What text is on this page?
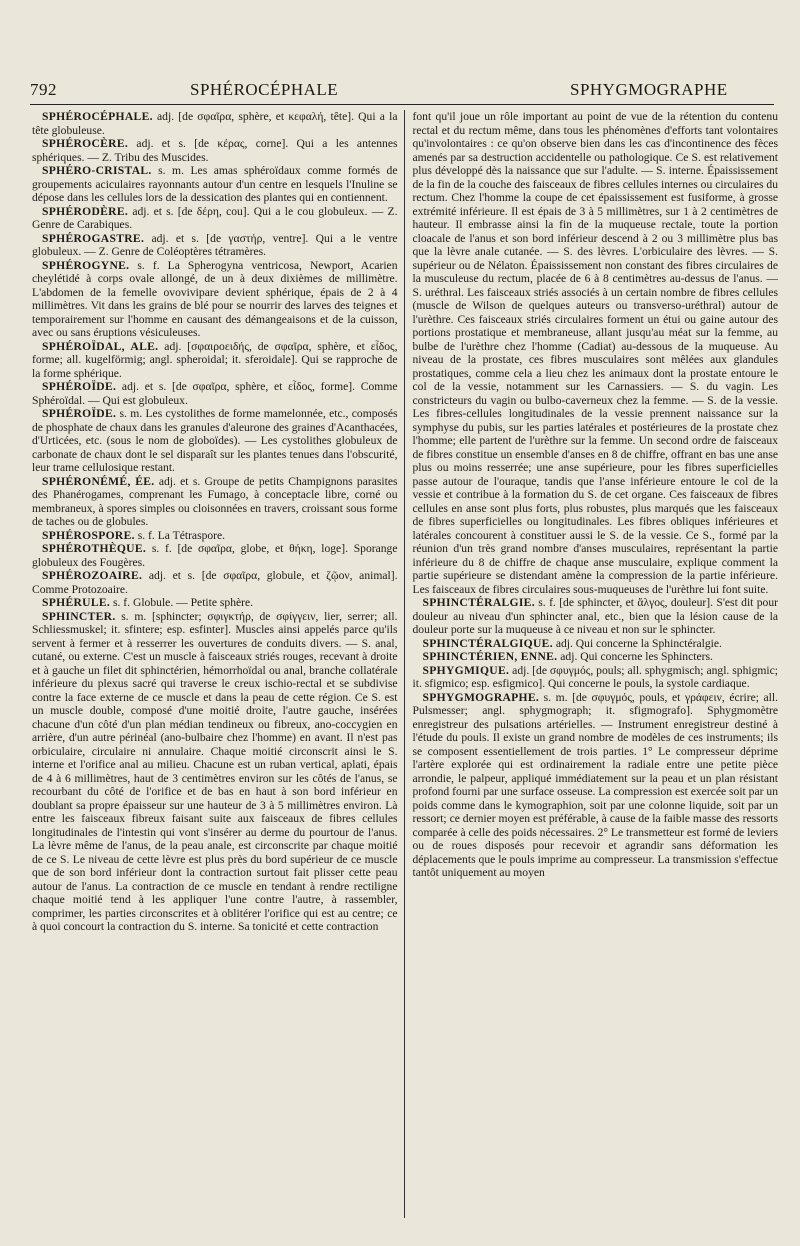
792	SPHÉROCÉPHALE	SPHYGMOGRAPHE

SPHÉROCÉPHALE. adj. [de σφαῖρα, sphère, et κεφαλή, tête]. Qui a la tête globuleuse.

SPHÉROCÈRE. adj. et s. [de κέρας, corne]. Qui a les antennes sphériques. — Z. Tribu des Muscides.

SPHÉRO-CRISTAL. s. m. Les amas sphéroïdaux comme formés de groupements aciculaires rayonnants autour d'un centre en lesquels l'Inuline se dépose dans les cellules lors de la dessication des plantes qui en contiennent.

SPHÉRODÈRE. adj. et s. [de δέρη, cou]. Qui a le cou globuleux. — Z. Genre de Carabiques.

SPHÉROGASTRE. adj. et s. [de γαστήρ, ventre]. Qui a le ventre globuleux. — Z. Genre de Coléoptères tétramères.

SPHÉROGYNE. s. f. La Spherogyna ventricosa, Newport, Acarien cheylétidé à corps ovale allongé, de un à deux dixièmes de millimètre. L'abdomen de la femelle ovovivipare devient sphérique, épais de 2 à 4 millimètres. Vit dans les grains de blé pour se nourrir des larves des teignes et temporairement sur l'homme en causant des démangeaisons et de la cuisson, avec ou sans éruptions vésiculeuses.

SPHÉROÏDAL, ALE. adj. [σφαιροειδής, de σφαῖρα, sphère, et εἶδος, forme; all. kugelförmig; angl. spheroidal; it. sferoidale]. Qui se rapproche de la forme sphérique.

SPHÉROÏDE. adj. et s. [de σφαῖρα, sphère, et εἶδος, forme]. Comme Sphéroïdal. — Qui est globuleux.

SPHÉROÏDE. s. m. Les cystolithes de forme mamelonnée, etc., composés de phosphate de chaux dans les granules d'aleurone des graines d'Acanthacées, d'Urticées, etc. (sous le nom de globoïdes). — Les cystolithes globuleux de carbonate de chaux dont le sel disparaît sur les plantes tenues dans l'obscurité, leur trame cellulosique restant.

SPHÉRONÉMÉ, ÉE. adj. et s. Groupe de petits Champignons parasites des Phanérogames, comprenant les Fumago, à conceptacle libre, corné ou membraneux, à spores simples ou cloisonnées en travers, croissant sous forme de taches ou de globules.

SPHÉROSPORE. s. f. La Tétraspore.

SPHÉROTHÈQUE. s. f. [de σφαῖρα, globe, et θήκη, loge]. Sporange globuleux des Fougères.

SPHÉROZOAIRE. adj. et s. [de σφαῖρα, globule, et ζῷον, animal]. Comme Protozoaire.

SPHÉRULE. s. f. Globule. — Petite sphère.

SPHINCTER. s. m. [sphincter; σφιγκτήρ, de σφίγγειν, lier, serrer; all. Schliessmuskel; it. sfintere; esp. esfinter]. Muscles ainsi appelés parce qu'ils servent à fermer et à resserrer les ouvertures de conduits divers. — S. anal, cutané, ou externe. C'est un muscle à faisceaux striés rouges, recevant à droite et à gauche un filet dit sphinctérien, hémorrhoïdal ou anal, branche collatérale inférieure du plexus sacré qui traverse le creux ischio-rectal et se subdivise contre la face externe de ce muscle et dans la peau de cette région. Ce S. est un muscle double, composé d'une moitié droite, l'autre gauche, insérées chacune d'un côté d'un plan médian tendineux ou fibreux, ano-coccygien en arrière, d'un autre périnéal (ano-bulbaire chez l'homme) en avant. Il n'est pas orbiculaire, circulaire ni annulaire. Chaque moitié circonscrit ainsi le S. interne et l'orifice anal au milieu. Chacune est un ruban vertical, aplati, épais de 4 à 6 millimètres, haut de 3 centimètres environ sur les côtés de l'anus, se recourbant du côté de l'orifice et de bas en haut à son bord inférieur en doublant sa propre épaisseur sur une hauteur de 3 à 5 millimètres environ. Là entre les faisceaux fibreux faisant suite aux faisceaux de fibres cellules longitudinales de l'intestin qui vont s'insérer au derme du pourtour de l'anus. La lèvre même de l'anus, de la peau anale, est circonscrite par chaque moitié de ce S. Le niveau de cette lèvre est plus près du bord supérieur de ce muscle que de son bord inférieur dont la contraction surtout fait plisser cette peau autour de l'anus. La contraction de ce muscle en tendant à rendre rectiligne chaque moitié tend à les appliquer l'une contre l'autre, à rassembler, comprimer, les parties circonscrites et à oblitérer l'orifice qui est au centre; ce à quoi concourt la contraction du S. interne. Sa tonicité et cette contraction

font qu'il joue un rôle important au point de vue de la rétention du contenu rectal et du rectum même, dans tous les phénomènes d'efforts tant volontaires qu'involontaires : ce qu'on observe bien dans les cas d'incontinence des fèces amenés par sa destruction accidentelle ou pathologique. Ce S. est relativement plus développé dès la naissance que sur l'adulte. — S. interne. Épaississement de la fin de la couche des faisceaux de fibres cellules internes ou circulaires du rectum. Chez l'homme la coupe de cet épaississement est fusiforme, à grosse extrémité inférieure. Il est épais de 3 à 5 millimètres, sur 1 à 2 centimètres de hauteur. Il embrasse ainsi la fin de la muqueuse rectale, toute la portion cloacale de l'anus et son bord inférieur descend à 2 ou 3 millimètre plus bas que la lèvre anale cutanée. — S. des lèvres. L'orbiculaire des lèvres. — S. supérieur ou de Nélaton. Épaississement non constant des fibres circulaires de la musculeuse du rectum, placée de 6 à 8 centimètres au-dessus de l'anus. — S. uréthral. Les faisceaux striés associés à un certain nombre de fibres cellules (muscle de Wilson de quelques auteurs ou transverso-uréthral) autour de l'urèthre. Ces faisceaux striés circulaires forment un étui ou gaine autour des portions prostatique et membraneuse, allant jusqu'au méat sur la femme, au bulbe de l'urèthre chez l'homme (Cadiat) au-dessous de la muqueuse. Au niveau de la prostate, ces fibres musculaires sont mêlées aux glandules prostatiques, comme cela a lieu chez les animaux dont la prostate entoure le col de la vessie, notamment sur les Carnassiers. — S. du vagin. Les constricteurs du vagin ou bulbo-caverneux chez la femme. — S. de la vessie. Les fibres-cellules longitudinales de la vessie prennent naissance sur la symphyse du pubis, sur les parties latérales et postérieures de la prostate chez l'homme; elle partent de l'urèthre sur la femme. Un second ordre de faisceaux de fibres constitue un ensemble d'anses en 8 de chiffre, offrant en bas une anse plus ou moins resserrée; une anse supérieure, pour les fibres superficielles passe autour de l'ouraque, tandis que l'anse inférieure entoure le col de la vessie et contribue à la formation du S. de cet organe. Ces faisceaux de fibres cellules en anse sont plus forts, plus robustes, plus marqués que les faisceaux de fibres superficielles ou longitudinales. Les fibres obliques inférieures et latérales concourent à constituer aussi le S. de la vessie. Ce S., formé par la réunion d'un très grand nombre d'anses musculaires, représentant la partie inférieure du 8 de chiffre de chaque anse musculaire, explique comment la partie supérieure se distendant amène la compression de la partie inférieure. Les faisceaux de fibres circulaires sous-muqueuses de l'urèthre lui font suite.

SPHINCTÉRALGIE. s. f. [de sphincter, et ἄλγος, douleur]. S'est dit pour douleur au niveau d'un sphincter anal, etc., bien que la lésion cause de la douleur porte sur la muqueuse à ce niveau et non sur le sphincter.

SPHINCTÉRALGIQUE. adj. Qui concerne la Sphinctéralgie.

SPHINCTÉRIEN, ENNE. adj. Qui concerne les Sphincters.

SPHYGMIQUE. adj. [de σφυγμός, pouls; all. sphygmisch; angl. sphigmic; it. sfigmico; esp. esfigmico]. Qui concerne le pouls, la systole cardiaque.

SPHYGMOGRAPHE. s. m. [de σφυγμός, pouls, et γράφειν, écrire; all. Pulsmesser; angl. sphygmograph; it. sfigmografo]. Sphygmomètre enregistreur des pulsations artérielles. — Instrument enregistreur destiné à l'étude du pouls. Il existe un grand nombre de modèles de ces instruments; ils se composent essentiellement de trois parties. 1° Le compresseur déprime l'artère explorée qui est ordinairement la radiale entre une petite pièce arrondie, le palpeur, appliqué immédiatement sur la peau et un plan résistant profond fourni par une surface osseuse. La compression est exercée soit par un poids comme dans le kymographion, soit par une colonne liquide, soit par un ressort; ce dernier moyen est préférable, à cause de la faible masse des ressorts comparée à celle des poids nécessaires. 2° Le transmetteur est formé de leviers ou de roues disposés pour recevoir et agrandir sans déformation les déplacements que le pouls imprime au compresseur. La transmission s'effectue tantôt uniquement au moyen
